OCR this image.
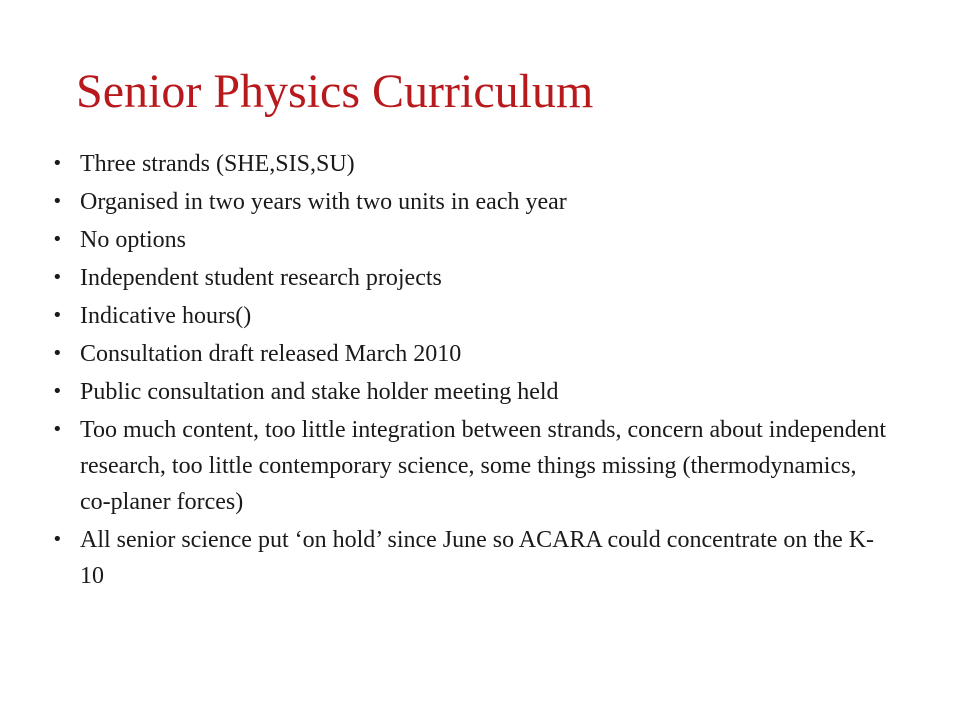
Senior Physics Curriculum
• Three strands (SHE,SIS,SU)
• Organised in two years with two units in each year
• No options
• Independent student research projects
• Indicative hours()
• Consultation draft released March 2010
• Public consultation and stake holder meeting held
• Too much content, too little integration between strands, concern about independent research, too little contemporary science, some things missing (thermodynamics, co-planer forces)
• All senior science put ‘on hold’ since June so ACARA could concentrate on the K-10
